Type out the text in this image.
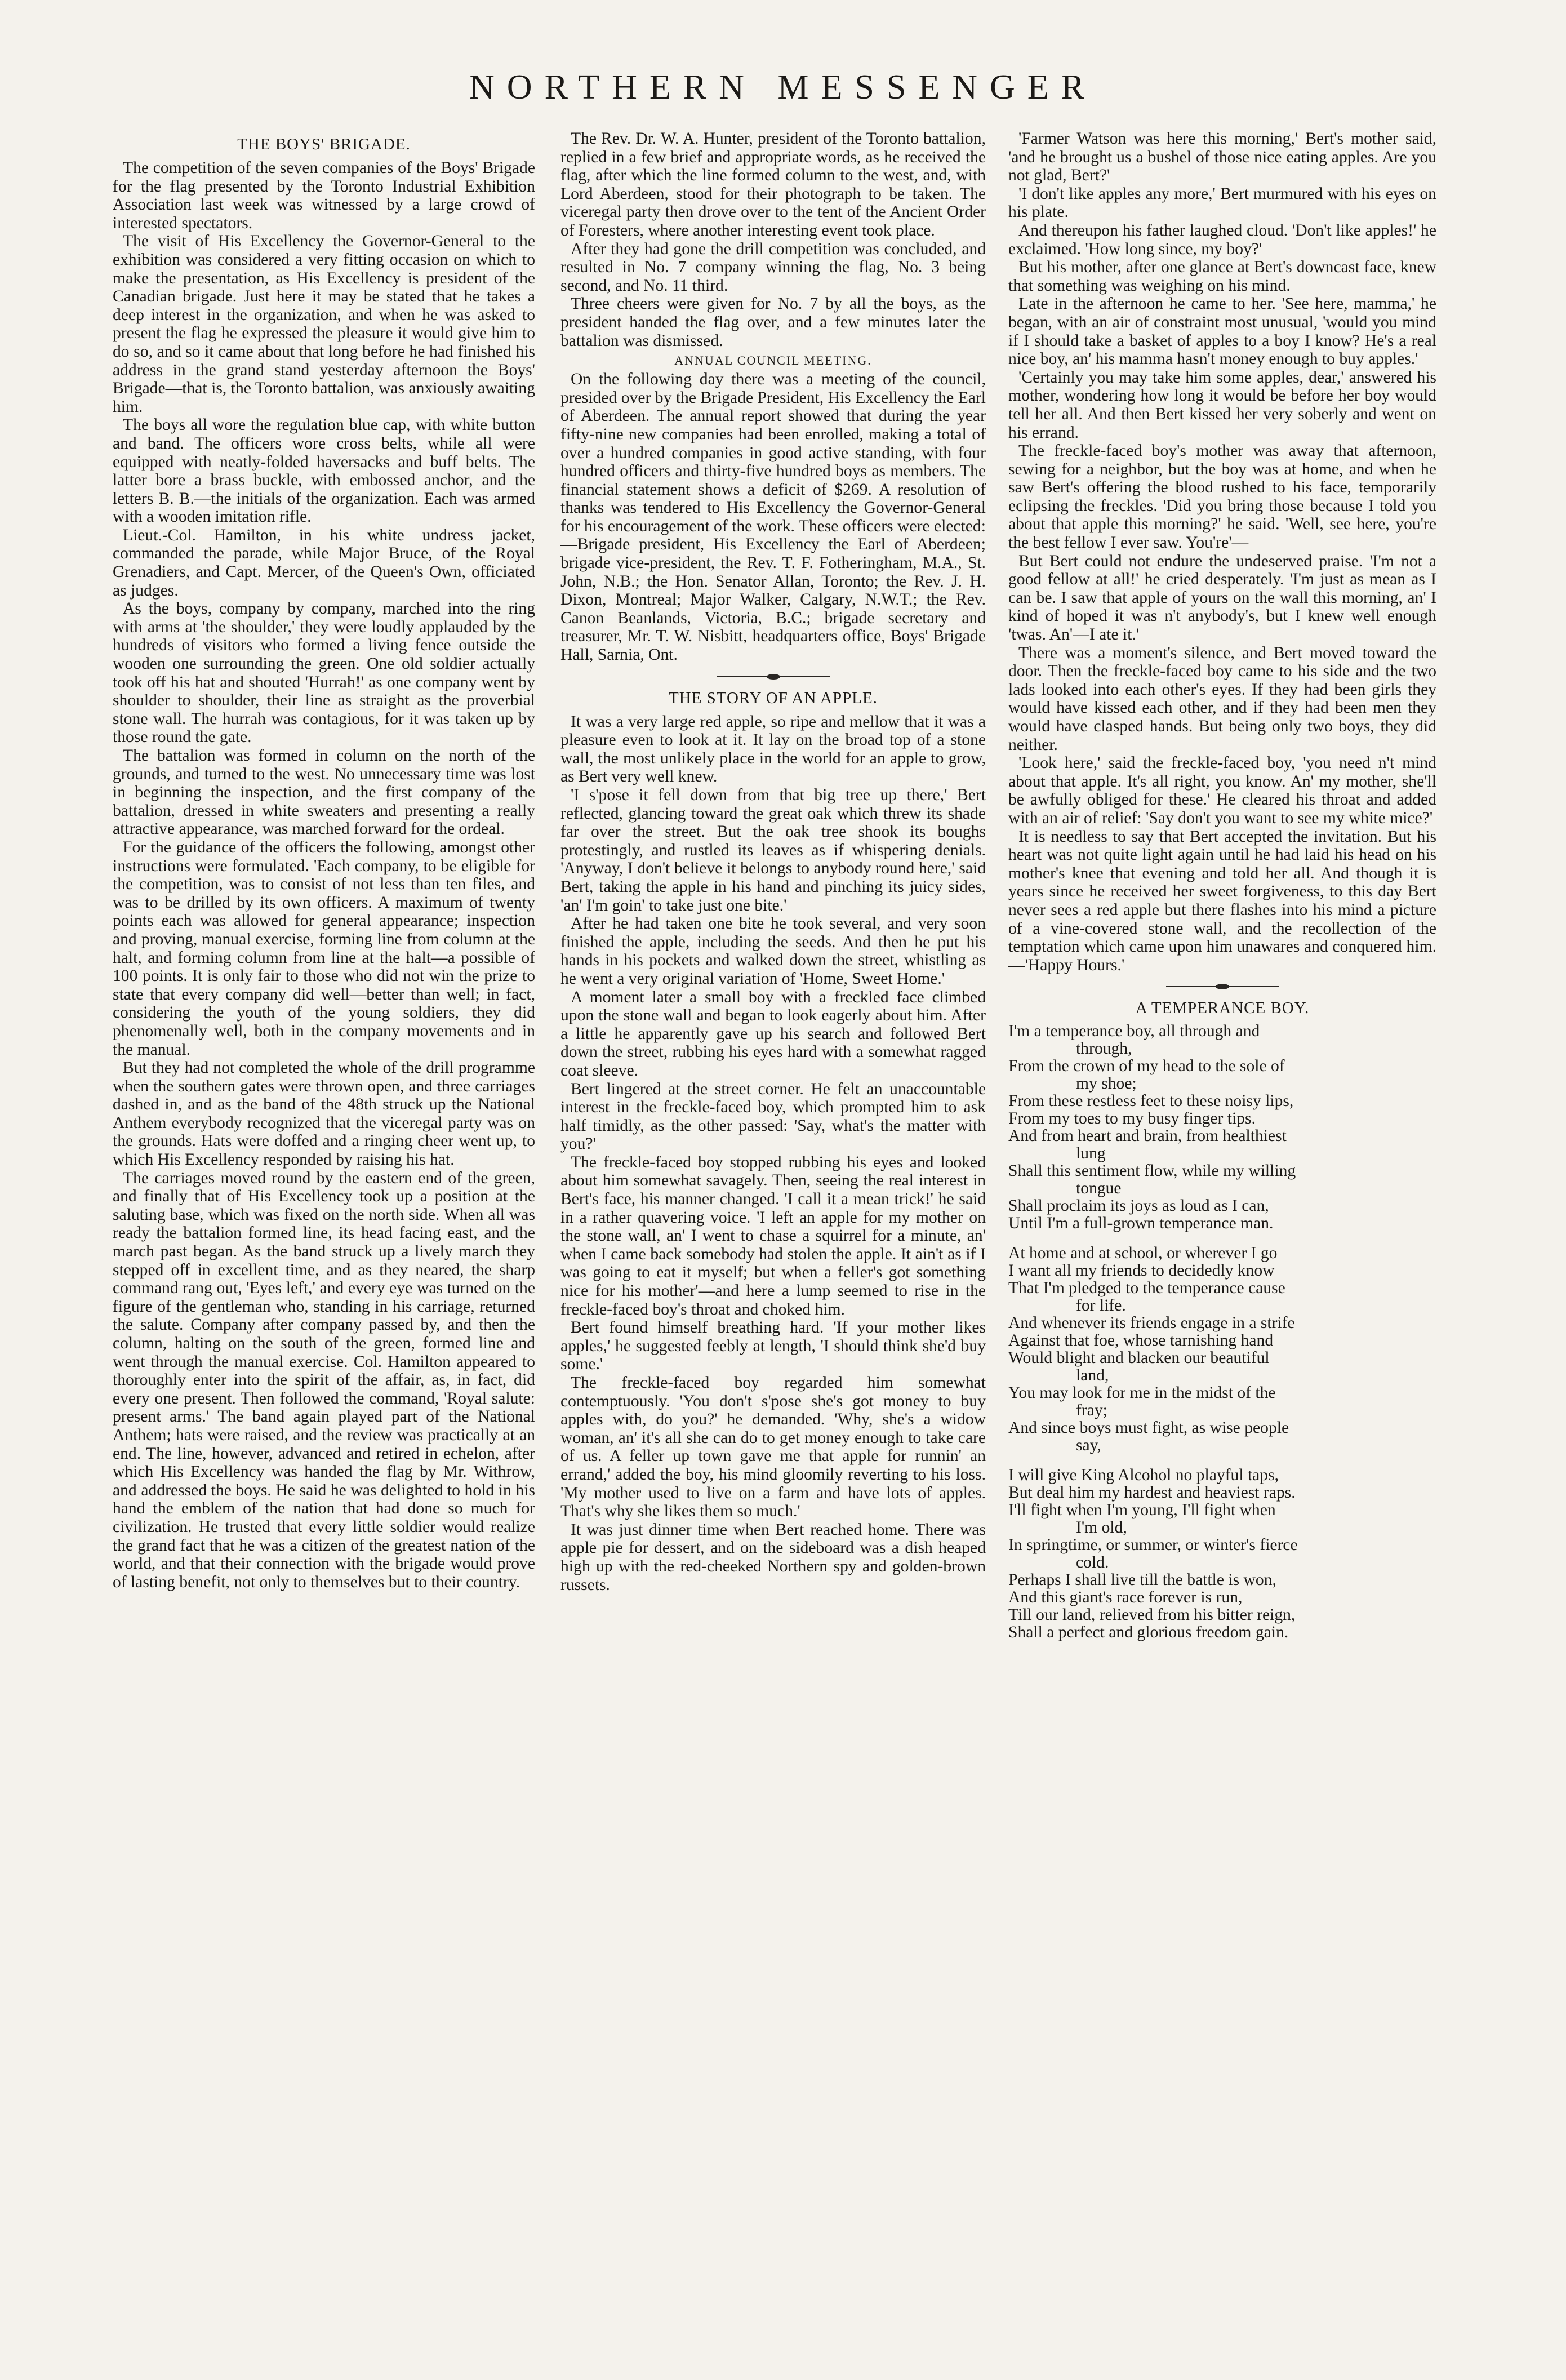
NORTHERN MESSENGER
THE BOYS' BRIGADE.

The competition of the seven companies of the Boys' Brigade for the flag presented by the Toronto Industrial Exhibition Association last week was witnessed by a large crowd of interested spectators.

The visit of His Excellency the Governor-General to the exhibition was considered a very fitting occasion on which to make the presentation, as His Excellency is president of the Canadian brigade. Just here it may be stated that he takes a deep interest in the organization, and when he was asked to present the flag he expressed the pleasure it would give him to do so, and so it came about that long before he had finished his address in the grand stand yesterday afternoon the Boys' Brigade—that is, the Toronto battalion, was anxiously awaiting him.

The boys all wore the regulation blue cap, with white button and band. The officers wore cross belts, while all were equipped with neatly-folded haversacks and buff belts. The latter bore a brass buckle, with embossed anchor, and the letters B. B.—the initials of the organization. Each was armed with a wooden imitation rifle.

Lieut.-Col. Hamilton, in his white undress jacket, commanded the parade, while Major Bruce, of the Royal Grenadiers, and Capt. Mercer, of the Queen's Own, officiated as judges.

As the boys, company by company, marched into the ring with arms at 'the shoulder,' they were loudly applauded by the hundreds of visitors who formed a living fence outside the wooden one surrounding the green. One old soldier actually took off his hat and shouted 'Hurrah!' as one company went by shoulder to shoulder, their line as straight as the proverbial stone wall. The hurrah was contagious, for it was taken up by those round the gate.

The battalion was formed in column on the north of the grounds, and turned to the west. No unnecessary time was lost in beginning the inspection, and the first company of the battalion, dressed in white sweaters and presenting a really attractive appearance, was marched forward for the ordeal.

For the guidance of the officers the following, amongst other instructions were formulated. 'Each company, to be eligible for the competition, was to consist of not less than ten files, and was to be drilled by its own officers. A maximum of twenty points each was allowed for general appearance; inspection and proving, manual exercise, forming line from column at the halt, and forming column from line at the halt—a possible of 100 points. It is only fair to those who did not win the prize to state that every company did well—better than well; in fact, considering the youth of the young soldiers, they did phenomenally well, both in the company movements and in the manual.

But they had not completed the whole of the drill programme when the southern gates were thrown open, and three carriages dashed in, and as the band of the 48th struck up the National Anthem everybody recognized that the viceregal party was on the grounds. Hats were doffed and a ringing cheer went up, to which His Excellency responded by raising his hat.

The carriages moved round by the eastern end of the green, and finally that of His Excellency took up a position at the saluting base, which was fixed on the north side. When all was ready the battalion formed line, its head facing east, and the march past began. As the band struck up a lively march they stepped off in excellent time, and as they neared, the sharp command rang out, 'Eyes left,' and every eye was turned on the figure of the gentleman who, standing in his carriage, returned the salute. Company after company passed by, and then the column, halting on the south of the green, formed line and went through the manual exercise. Col. Hamilton appeared to thoroughly enter into the spirit of the affair, as, in fact, did every one present. Then followed the command, 'Royal salute: present arms.' The band again played part of the National Anthem; hats were raised, and the review was practically at an end. The line, however, advanced and retired in echelon, after which His Excellency was handed the flag by Mr. Withrow, and addressed the boys. He said he was delighted to hold in his hand the emblem of the nation that had done so much for civilization. He trusted that every little soldier would realize the grand fact that he was a citizen of the greatest nation of the world, and that their connection with the brigade would prove of lasting benefit, not only to themselves but to their country.

The Rev. Dr. W. A. Hunter, president of the Toronto battalion, replied in a few brief and appropriate words, as he received the flag, after which the line formed column to the west, and, with Lord Aberdeen, stood for their photograph to be taken. The viceregal party then drove over to the tent of the Ancient Order of Foresters, where another interesting event took place.

After they had gone the drill competition was concluded, and resulted in No. 7 company winning the flag, No. 3 being second, and No. 11 third.

Three cheers were given for No. 7 by all the boys, as the president handed the flag over, and a few minutes later the battalion was dismissed.

ANNUAL COUNCIL MEETING.

On the following day there was a meeting of the council, presided over by the Brigade President, His Excellency the Earl of Aberdeen. The annual report showed that during the year fifty-nine new companies had been enrolled, making a total of over a hundred companies in good active standing, with four hundred officers and thirty-five hundred boys as members. The financial statement shows a deficit of $269. A resolution of thanks was tendered to His Excellency the Governor-General for his encouragement of the work. These officers were elected:—Brigade president, His Excellency the Earl of Aberdeen; brigade vice-president, the Rev. T. F. Fotheringham, M.A., St. John, N.B.; the Hon. Senator Allan, Toronto; the Rev. J. H. Dixon, Montreal; Major Walker, Calgary, N.W.T.; the Rev. Canon Beanlands, Victoria, B.C.; brigade secretary and treasurer, Mr. T. W. Nisbitt, headquarters office, Boys' Brigade Hall, Sarnia, Ont.

THE STORY OF AN APPLE.

It was a very large red apple, so ripe and mellow that it was a pleasure even to look at it. It lay on the broad top of a stone wall, the most unlikely place in the world for an apple to grow, as Bert very well knew.

'I s'pose it fell down from that big tree up there,' Bert reflected, glancing toward the great oak which threw its shade far over the street. But the oak tree shook its boughs protestingly, and rustled its leaves as if whispering denials. 'Anyway, I don't believe it belongs to anybody round here,' said Bert, taking the apple in his hand and pinching its juicy sides, 'an' I'm goin' to take just one bite.'

After he had taken one bite he took several, and very soon finished the apple, including the seeds. And then he put his hands in his pockets and walked down the street, whistling as he went a very original variation of 'Home, Sweet Home.'

A moment later a small boy with a freckled face climbed upon the stone wall and began to look eagerly about him. After a little he apparently gave up his search and followed Bert down the street, rubbing his eyes hard with a somewhat ragged coat sleeve.

Bert lingered at the street corner. He felt an unaccountable interest in the freckle-faced boy, which prompted him to ask half timidly, as the other passed: 'Say, what's the matter with you?'

The freckle-faced boy stopped rubbing his eyes and looked about him somewhat savagely. Then, seeing the real interest in Bert's face, his manner changed. 'I call it a mean trick!' he said in a rather quavering voice. 'I left an apple for my mother on the stone wall, an' I went to chase a squirrel for a minute, an' when I came back somebody had stolen the apple. It ain't as if I was going to eat it myself; but when a feller's got something nice for his mother'—and here a lump seemed to rise in the freckle-faced boy's throat and choked him.

Bert found himself breathing hard. 'If your mother likes apples,' he suggested feebly at length, 'I should think she'd buy some.'

The freckle-faced boy regarded him somewhat contemptuously. 'You don't s'pose she's got money to buy apples with, do you?' he demanded. 'Why, she's a widow woman, an' it's all she can do to get money enough to take care of us. A feller up town gave me that apple for runnin' an errand,' added the boy, his mind gloomily reverting to his loss. 'My mother used to live on a farm and have lots of apples. That's why she likes them so much.'

It was just dinner time when Bert reached home. There was apple pie for dessert, and on the sideboard was a dish heaped high up with the red-cheeked Northern spy and golden-brown russets.

'Farmer Watson was here this morning,' Bert's mother said, 'and he brought us a bushel of those nice eating apples. Are you not glad, Bert?'

'I don't like apples any more,' Bert murmured with his eyes on his plate.

And thereupon his father laughed cloud. 'Don't like apples!' he exclaimed. 'How long since, my boy?'

But his mother, after one glance at Bert's downcast face, knew that something was weighing on his mind.

Late in the afternoon he came to her. 'See here, mamma,' he began, with an air of constraint most unusual, 'would you mind if I should take a basket of apples to a boy I know? He's a real nice boy, an' his mamma hasn't money enough to buy apples.'

'Certainly you may take him some apples, dear,' answered his mother, wondering how long it would be before her boy would tell her all. And then Bert kissed her very soberly and went on his errand.

The freckle-faced boy's mother was away that afternoon, sewing for a neighbor, but the boy was at home, and when he saw Bert's offering the blood rushed to his face, temporarily eclipsing the freckles. 'Did you bring those because I told you about that apple this morning?' he said. 'Well, see here, you're the best fellow I ever saw. You're'—

But Bert could not endure the undeserved praise. 'I'm not a good fellow at all!' he cried desperately. 'I'm just as mean as I can be. I saw that apple of yours on the wall this morning, an' I kind of hoped it was n't anybody's, but I knew well enough 'twas. An'—I ate it.'

There was a moment's silence, and Bert moved toward the door. Then the freckle-faced boy came to his side and the two lads looked into each other's eyes. If they had been girls they would have kissed each other, and if they had been men they would have clasped hands. But being only two boys, they did neither.

'Look here,' said the freckle-faced boy, 'you need n't mind about that apple. It's all right, you know. An' my mother, she'll be awfully obliged for these.' He cleared his throat and added with an air of relief: 'Say don't you want to see my white mice?'

It is needless to say that Bert accepted the invitation. But his heart was not quite light again until he had laid his head on his mother's knee that evening and told her all. And though it is years since he received her sweet forgiveness, to this day Bert never sees a red apple but there flashes into his mind a picture of a vine-covered stone wall, and the recollection of the temptation which came upon him unawares and conquered him.—'Happy Hours.'

A TEMPERANCE BOY.
I'm a temperance boy, all through and
through,
From the crown of my head to the sole of
my shoe;
From these restless feet to these noisy lips,
From my toes to my busy finger tips.
And from heart and brain, from healthiest
lung
Shall this sentiment flow, while my willing
tongue
Shall proclaim its joys as loud as I can,
Until I'm a full-grown temperance man.
At home and at school, or wherever I go
I want all my friends to decidedly know
That I'm pledged to the temperance cause
for life.
And whenever its friends engage in a strife
Against that foe, whose tarnishing hand
Would blight and blacken our beautiful
land,
You may look for me in the midst of the
fray;
And since boys must fight, as wise people
say,
I will give King Alcohol no playful taps,
But deal him my hardest and heaviest raps.
I'll fight when I'm young, I'll fight when
I'm old,
In springtime, or summer, or winter's fierce
cold.
Perhaps I shall live till the battle is won,
And this giant's race forever is run,
Till our land, relieved from his bitter reign,
Shall a perfect and glorious freedom gain.
